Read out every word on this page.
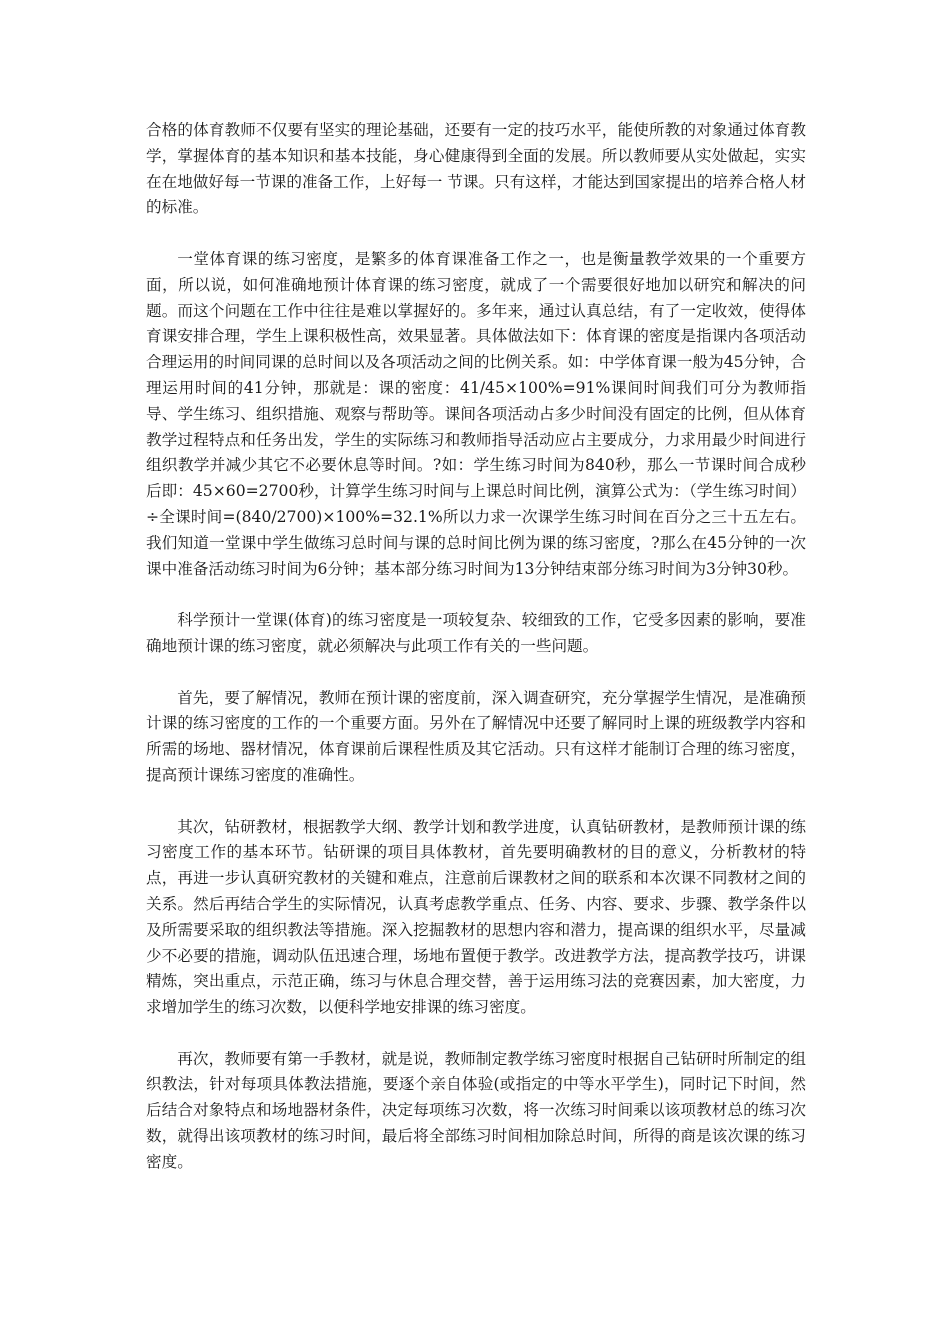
合格的体育教师不仅要有坚实的理论基础，还要有一定的技巧水平，能使所教的对象通过体育教学，掌握体育的基本知识和基本技能，身心健康得到全面的发展。所以教师要从实处做起，实实在在地做好每一节课的准备工作，上好每一 节课。只有这样，才能达到国家提出的培养合格人材的标准。

一堂体育课的练习密度，是繁多的体育课准备工作之一，也是衡量教学效果的一个重要方面，所以说，如何准确地预计体育课的练习密度，就成了一个需要很好地加以研究和解决的问题。而这个问题在工作中往往是难以掌握好的。多年来，通过认真总结，有了一定收效，使得体育课安排合理，学生上课积极性高，效果显著。具体做法如下：体育课的密度是指课内各项活动合理运用的时间同课的总时间以及各项活动之间的比例关系。如：中学体育课一般为45分钟，合理运用时间的41分钟，那就是：课的密度：41/45×100%=91%课间时间我们可分为教师指导、学生练习、组织措施、观察与帮助等。课间各项活动占多少时间没有固定的比例，但从体育教学过程特点和任务出发，学生的实际练习和教师指导活动应占主要成分，力求用最少时间进行组织教学并减少其它不必要休息等时间。?如：学生练习时间为840秒，那么一节课时间合成秒后即：45×60=2700秒，计算学生练习时间与上课总时间比例，演算公式为：（学生练习时间）÷全课时间=(840/2700)×100%=32.1%所以力求一次课学生练习时间在百分之三十五左右。我们知道一堂课中学生做练习总时间与课的总时间比例为课的练习密度，?那么在45分钟的一次课中准备活动练习时间为6分钟；基本部分练习时间为13分钟结束部分练习时间为3分钟30秒。

科学预计一堂课(体育)的练习密度是一项较复杂、较细致的工作，它受多因素的影响，要准确地预计课的练习密度，就必须解决与此项工作有关的一些问题。

首先，要了解情况，教师在预计课的密度前，深入调查研究，充分掌握学生情况，是准确预计课的练习密度的工作的一个重要方面。另外在了解情况中还要了解同时上课的班级教学内容和所需的场地、器材情况，体育课前后课程性质及其它活动。只有这样才能制订合理的练习密度，提高预计课练习密度的准确性。

其次，钻研教材，根据教学大纲、教学计划和教学进度，认真钻研教材，是教师预计课的练习密度工作的基本环节。钻研课的项目具体教材，首先要明确教材的目的意义，分析教材的特点，再进一步认真研究教材的关键和难点，注意前后课教材之间的联系和本次课不同教材之间的关系。然后再结合学生的实际情况，认真考虑教学重点、任务、内容、要求、步骤、教学条件以及所需要采取的组织教法等措施。深入挖掘教材的思想内容和潜力，提高课的组织水平，尽量减少不必要的措施，调动队伍迅速合理，场地布置便于教学。改进教学方法，提高教学技巧，讲课精炼，突出重点，示范正确，练习与休息合理交替，善于运用练习法的竞赛因素，加大密度，力求增加学生的练习次数，以便科学地安排课的练习密度。

再次，教师要有第一手教材，就是说，教师制定教学练习密度时根据自己钻研时所制定的组织教法，针对每项具体教法措施，要逐个亲自体验(或指定的中等水平学生)，同时记下时间，然后结合对象特点和场地器材条件，决定每项练习次数，将一次练习时间乘以该项教材总的练习次数，就得出该项教材的练习时间，最后将全部练习时间相加除总时间，所得的商是该次课的练习密度。
